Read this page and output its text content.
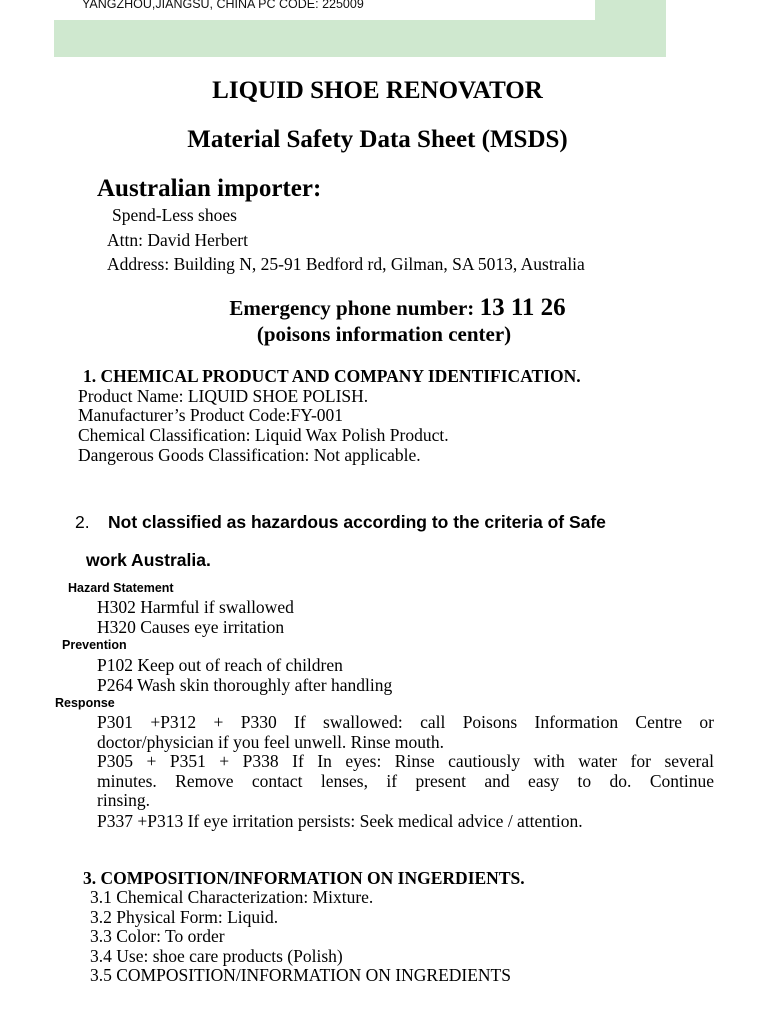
YANGZHOU,JIANGSU, CHINA PC CODE: 225009
LIQUID SHOE RENOVATOR
Material Safety Data Sheet (MSDS)
Australian importer:
Spend-Less shoes
Attn: David Herbert
Address: Building N, 25-91 Bedford rd, Gilman, SA 5013, Australia
Emergency phone number: 13 11 26
(poisons information center)
1. CHEMICAL PRODUCT AND COMPANY IDENTIFICATION.
Product Name: LIQUID SHOE POLISH.
Manufacturer’s Product Code:FY-001
Chemical Classification: Liquid Wax Polish Product.
Dangerous Goods Classification: Not applicable.
2. Not classified as hazardous according to the criteria of Safe
work Australia.
Hazard Statement
H302 Harmful if swallowed
H320 Causes eye irritation
Prevention
P102 Keep out of reach of children
P264 Wash skin thoroughly after handling
Response
P301 +P312 + P330 If swallowed: call Poisons Information Centre or
doctor/physician if you feel unwell. Rinse mouth.
P305 + P351 + P338 If In eyes: Rinse cautiously with water for several
minutes. Remove contact lenses, if present and easy to do. Continue
rinsing.
P337 +P313 If eye irritation persists: Seek medical advice / attention.
3. COMPOSITION/INFORMATION ON INGERDIENTS.
3.1 Chemical Characterization: Mixture.
3.2 Physical Form: Liquid.
3.3 Color: To order
3.4 Use: shoe care products (Polish)
3.5 COMPOSITION/INFORMATION ON INGREDIENTS
